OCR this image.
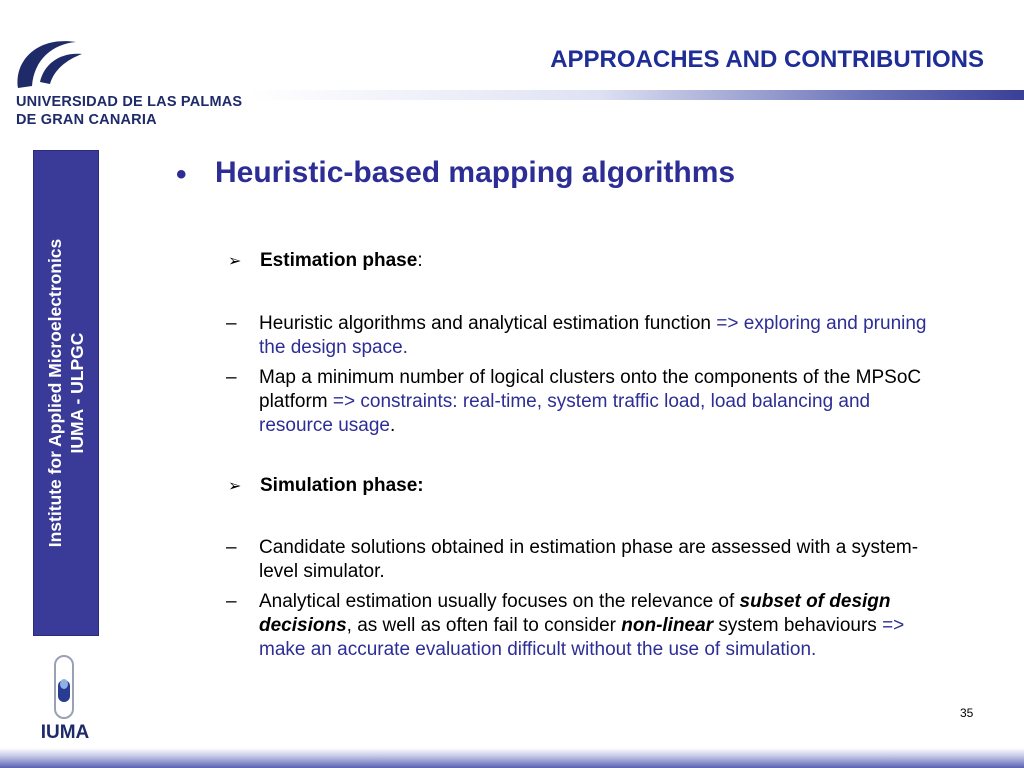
UNIVERSIDAD DE LAS PALMAS
DE GRAN CANARIA
APPROACHES AND CONTRIBUTIONS
Institute for Applied Microelectronics IUMA - ULPGC
IUMA
• Heuristic-based mapping algorithms
➢ Estimation phase:
– Heuristic algorithms and analytical estimation function => exploring and pruning the design space.
– Map a minimum number of logical clusters onto the components of the MPSoC platform => constraints: real-time, system traffic load, load balancing and resource usage.
➢ Simulation phase:
– Candidate solutions obtained in estimation phase are assessed with a system-level simulator.
– Analytical estimation usually focuses on the relevance of subset of design decisions, as well as often fail to consider non-linear system behaviours => make an accurate evaluation difficult without the use of simulation.
35
